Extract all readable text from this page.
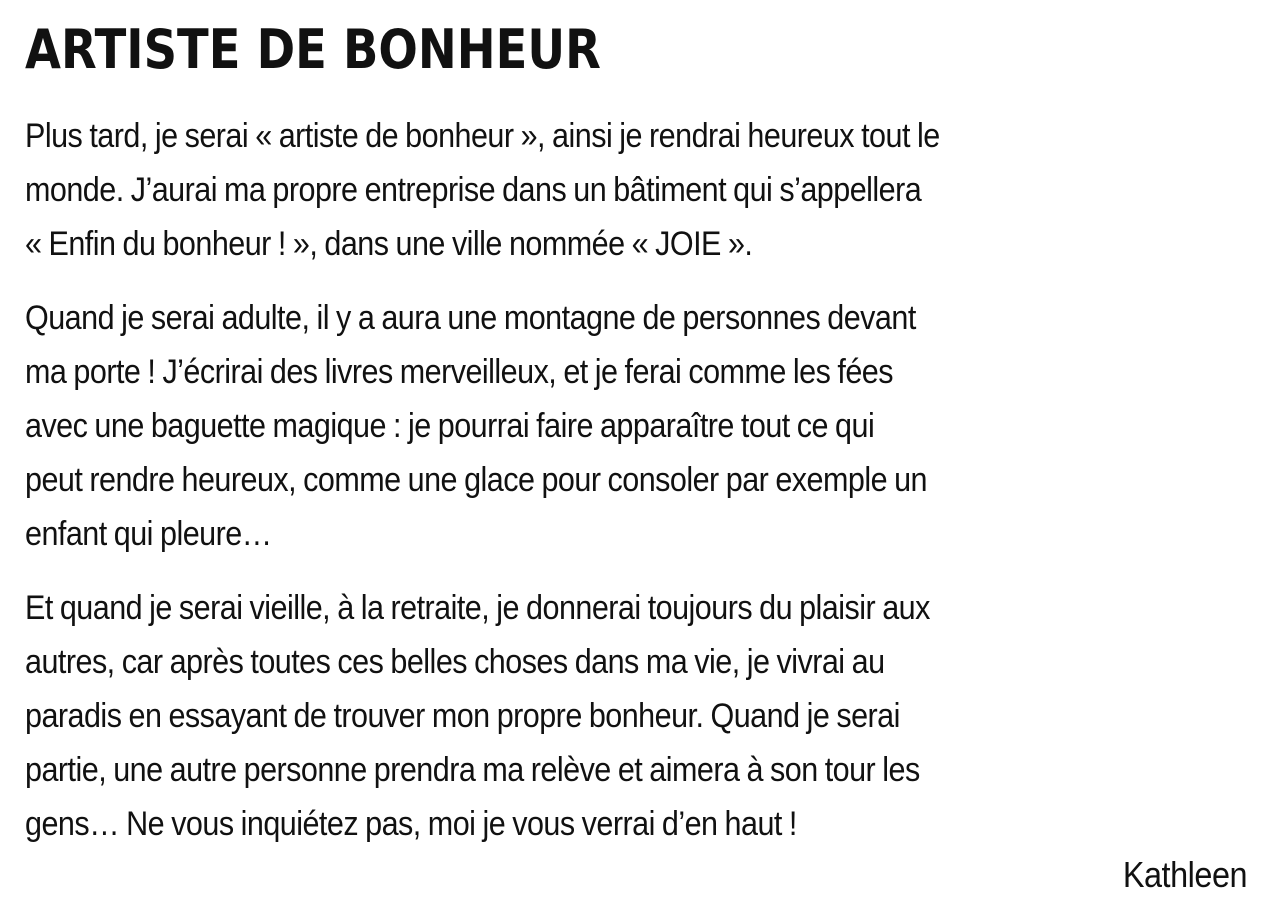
ARTISTE DE BONHEUR

Plus tard, je serai « artiste de bonheur », ainsi je rendrai heureux tout le
monde. J’aurai ma propre entreprise dans un bâtiment qui s’appellera
« Enfin du bonheur ! », dans une ville nommée « JOIE ».

Quand je serai adulte, il y a aura une montagne de personnes devant
ma porte ! J’écrirai des livres merveilleux, et je ferai comme les fées
avec une baguette magique : je pourrai faire apparaître tout ce qui
peut rendre heureux, comme une glace pour consoler par exemple un
enfant qui pleure…

Et quand je serai vieille, à la retraite, je donnerai toujours du plaisir aux
autres, car après toutes ces belles choses dans ma vie, je vivrai au
paradis en essayant de trouver mon propre bonheur. Quand je serai
partie, une autre personne prendra ma relève et aimera à son tour les
gens… Ne vous inquiétez pas, moi je vous verrai d’en haut !

Kathleen
